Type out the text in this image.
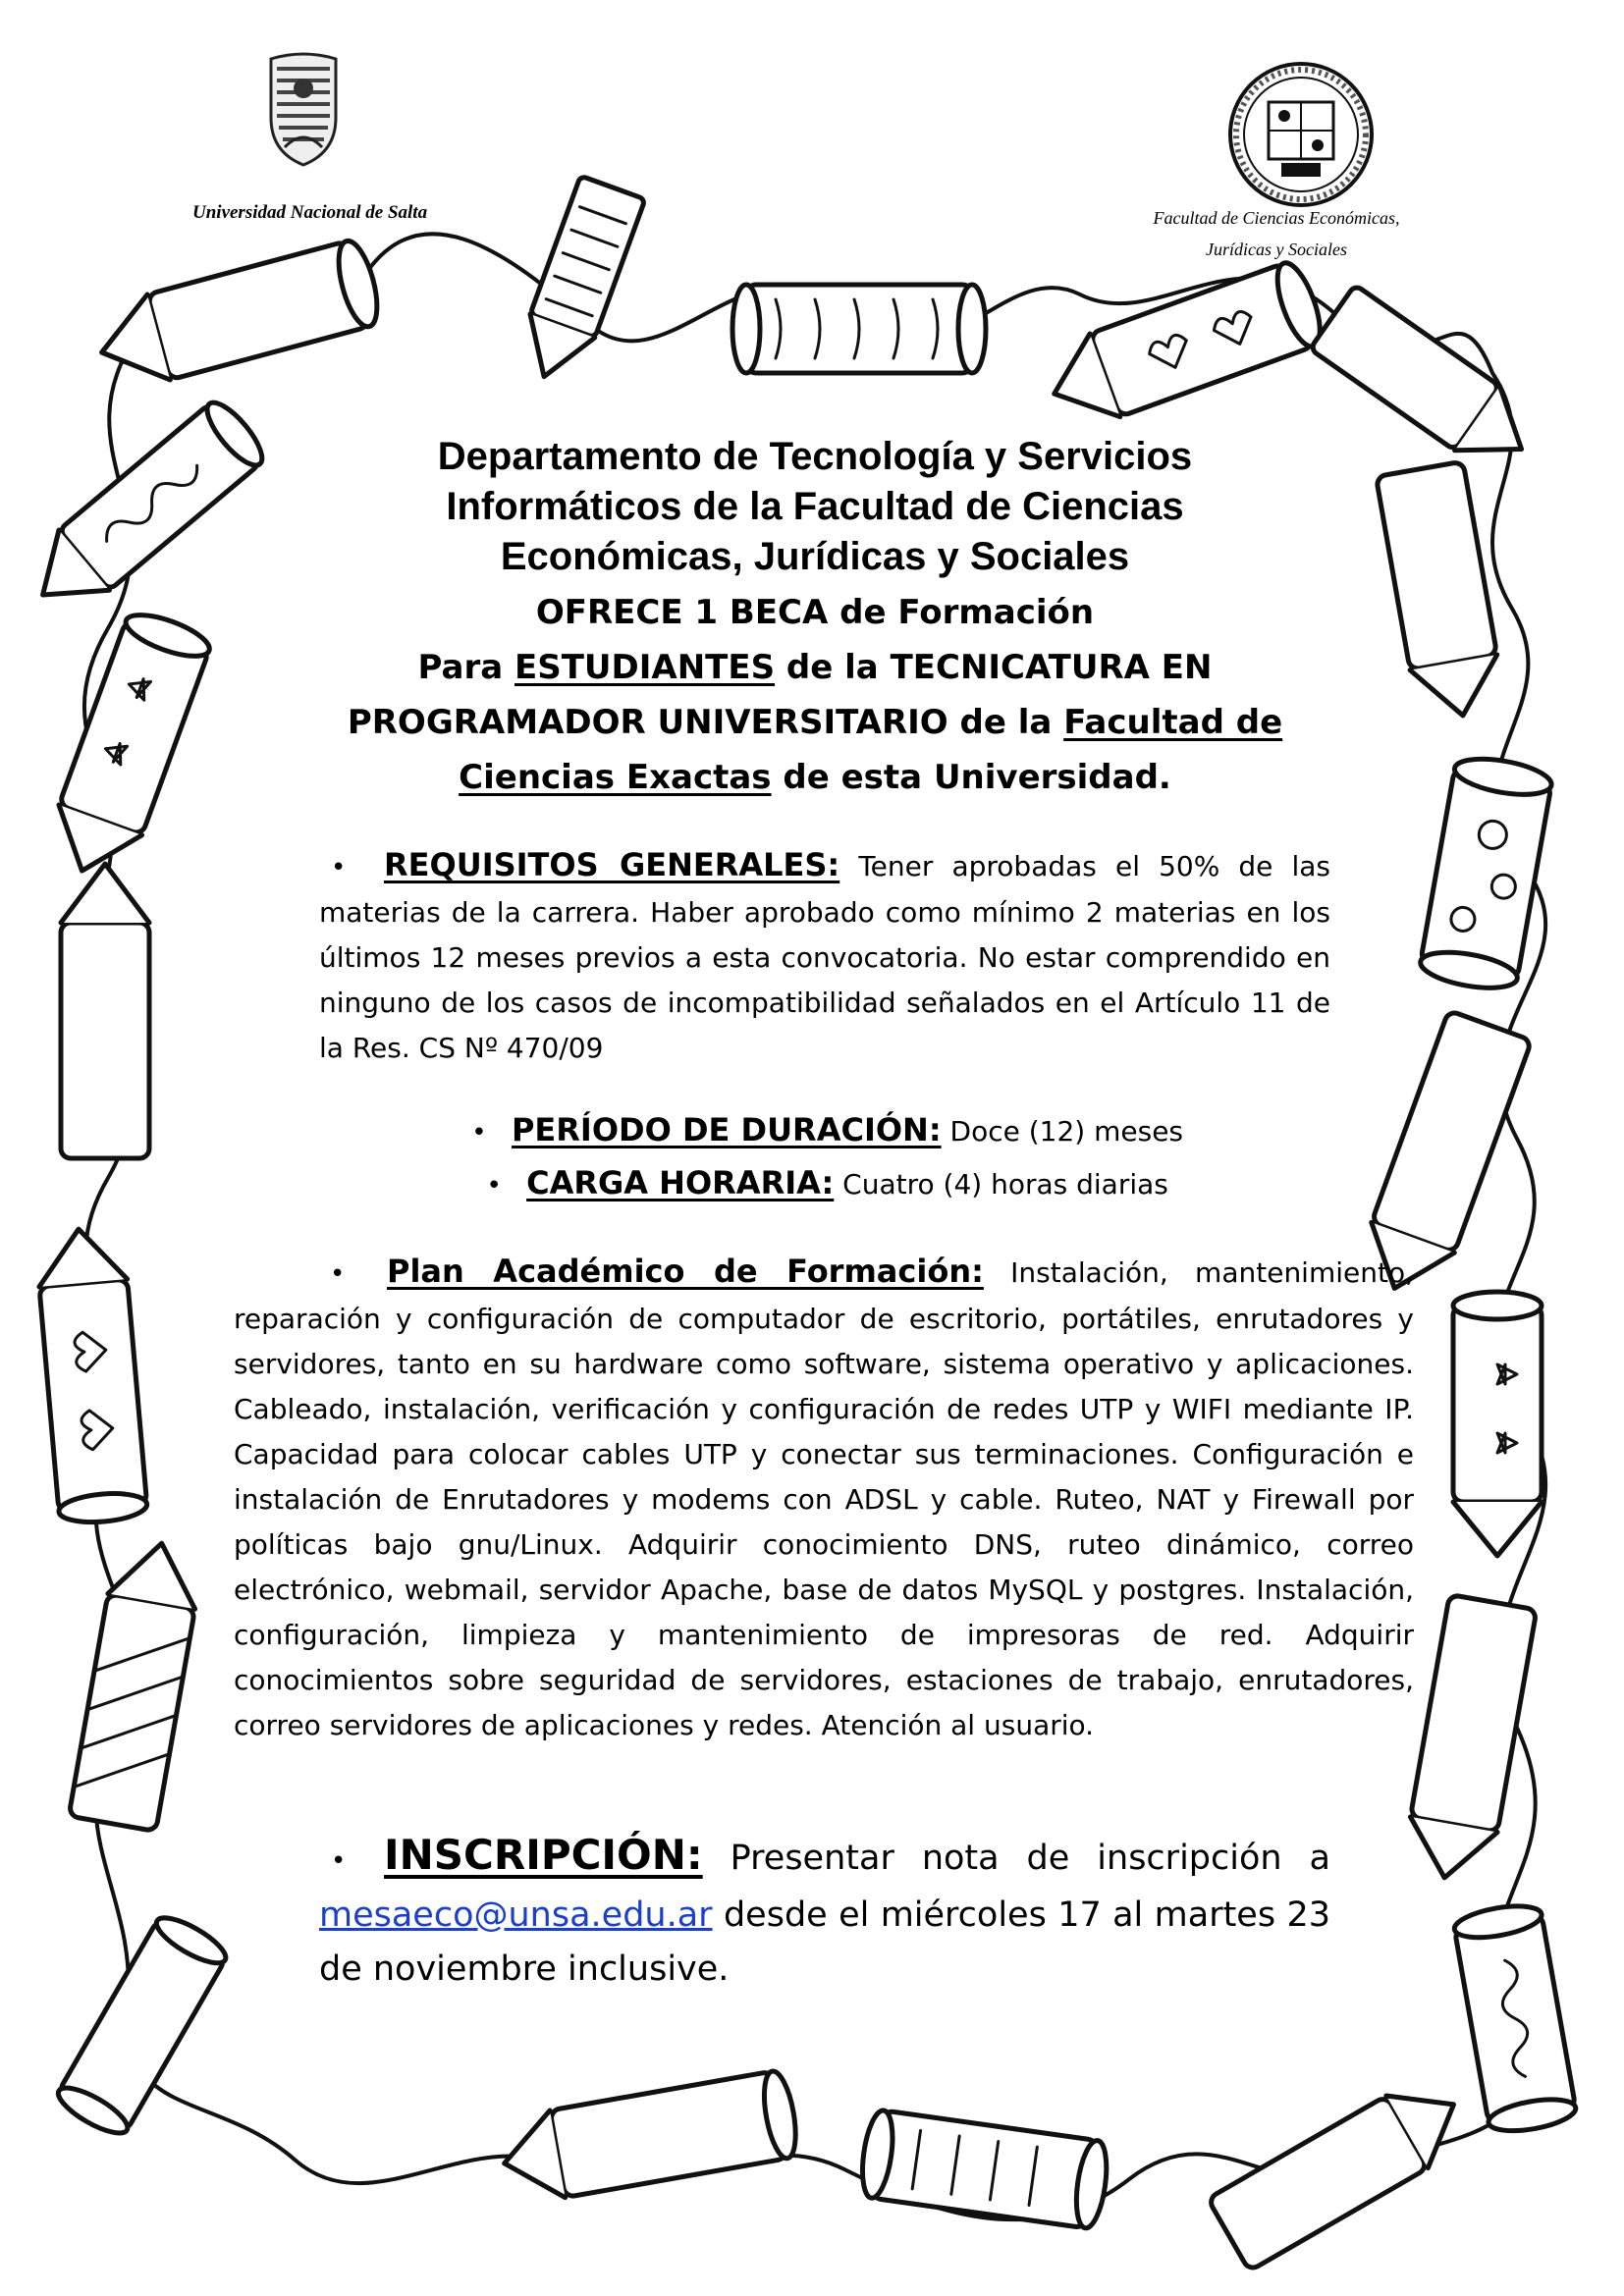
Universidad Nacional de Salta	Facultad de Ciencias Económicas,
Jurídicas y Sociales
Departamento de Tecnología y Servicios
Informáticos de la Facultad de Ciencias
Económicas, Jurídicas y Sociales
OFRECE 1 BECA de Formación
Para ESTUDIANTES de la TECNICATURA EN
PROGRAMADOR UNIVERSITARIO de la Facultad de
Ciencias Exactas de esta Universidad.
• REQUISITOS GENERALES: Tener aprobadas el 50% de las materias de la carrera. Haber aprobado como mínimo 2 materias en los últimos 12 meses previos a esta convocatoria. No estar comprendido en ninguno de los casos de incompatibilidad señalados en el Artículo 11 de la Res. CS Nº 470/09
• PERÍODO DE DURACIÓN: Doce (12) meses
• CARGA HORARIA: Cuatro (4) horas diarias
• Plan Académico de Formación: Instalación, mantenimiento, reparación y configuración de computador de escritorio, portátiles, enrutadores y servidores, tanto en su hardware como software, sistema operativo y aplicaciones. Cableado, instalación, verificación y configuración de redes UTP y WIFI mediante IP. Capacidad para colocar cables UTP y conectar sus terminaciones. Configuración e instalación de Enrutadores y modems con ADSL y cable. Ruteo, NAT y Firewall por políticas bajo gnu/Linux. Adquirir conocimiento DNS, ruteo dinámico, correo electrónico, webmail, servidor Apache, base de datos MySQL y postgres. Instalación, configuración, limpieza y mantenimiento de impresoras de red. Adquirir conocimientos sobre seguridad de servidores, estaciones de trabajo, enrutadores, correo servidores de aplicaciones y redes. Atención al usuario.
• INSCRIPCIÓN: Presentar nota de inscripción a mesaeco@unsa.edu.ar desde el miércoles 17 al martes 23 de noviembre inclusive.
